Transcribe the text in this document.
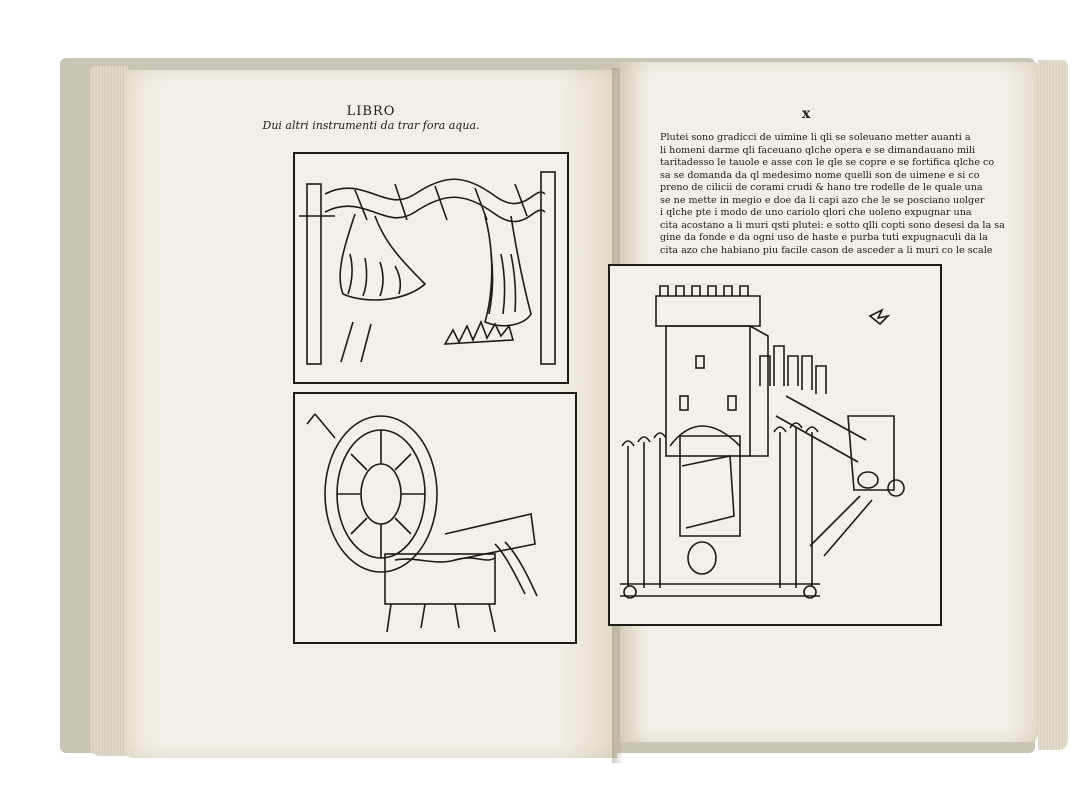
LIBRO
Dui altri instrumenti da trar fora aqua.
x
Plutei sono gradicci de uimine li qli se soleuano metter auanti a
li homeni darme qli faceuano qlche opera e se dimandauano mili
taritadesso le tauole e asse con le qle se copre e se fortifica qlche co
sa se domanda da ql medesimo nome quelli son de uimene e si co
preno de cilicii de corami crudi & hano tre rodelle de le quale una
se ne mette in megio e doe da li capi azo che le se posciano uolger
i qlche pte i modo de uno cariolo qlori che uoleno expugnar una
cita acostano a li muri qsti plutei: e sotto qlli copti sono desesi da la sa
gine da fonde e da ogni uso de haste e purba tuti expugnaculi da la
cita azo che habiano piu facile cason de asceder a li muri co le scale
